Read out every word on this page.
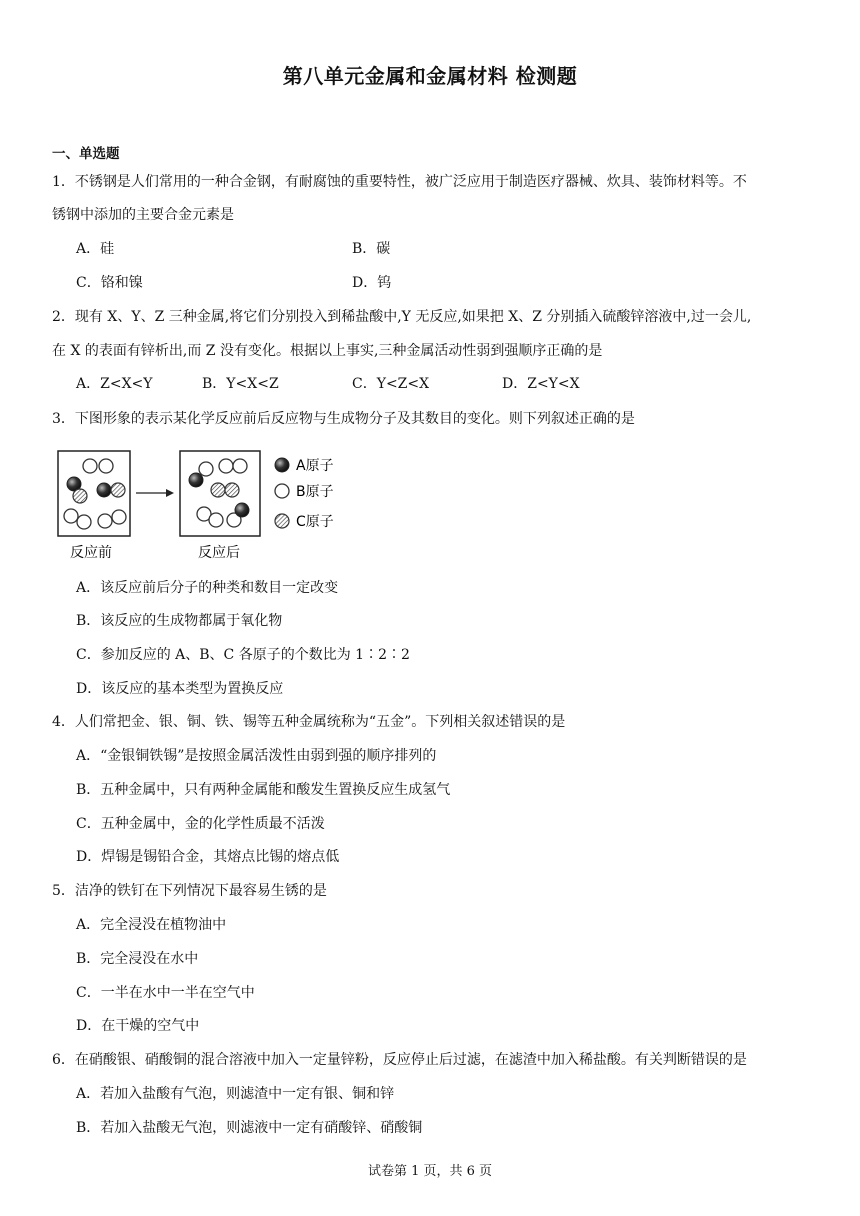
第八单元金属和金属材料 检测题
一、单选题
1．不锈钢是人们常用的一种合金钢，有耐腐蚀的重要特性，被广泛应用于制造医疗器械、炊具、装饰材料等。不
锈钢中添加的主要合金元素是
A．硅	B．碳
C．铬和镍	D．钨
2．现有 X、Y、Z 三种金属,将它们分别投入到稀盐酸中,Y 无反应,如果把 X、Z 分别插入硫酸锌溶液中,过一会儿,
在 X 的表面有锌析出,而 Z 没有变化。根据以上事实,三种金属活动性弱到强顺序正确的是
A．Z<X<Y	B．Y<X<Z	C．Y<Z<X	D．Z<Y<X
3．下图形象的表示某化学反应前后反应物与生成物分子及其数目的变化。则下列叙述正确的是
A原子
B原子
C原子
反应前	反应后
A．该反应前后分子的种类和数目一定改变
B．该反应的生成物都属于氧化物
C．参加反应的 A、B、C 各原子的个数比为 1∶2∶2
D．该反应的基本类型为置换反应
4．人们常把金、银、铜、铁、锡等五种金属统称为“五金”。下列相关叙述错误的是
A．“金银铜铁锡”是按照金属活泼性由弱到强的顺序排列的
B．五种金属中，只有两种金属能和酸发生置换反应生成氢气
C．五种金属中，金的化学性质最不活泼
D．焊锡是锡铅合金，其熔点比锡的熔点低
5．洁净的铁钉在下列情况下最容易生锈的是
A．完全浸没在植物油中
B．完全浸没在水中
C．一半在水中一半在空气中
D．在干燥的空气中
6．在硝酸银、硝酸铜的混合溶液中加入一定量锌粉，反应停止后过滤，在滤渣中加入稀盐酸。有关判断错误的是
A．若加入盐酸有气泡，则滤渣中一定有银、铜和锌
B．若加入盐酸无气泡，则滤液中一定有硝酸锌、硝酸铜
试卷第 1 页，共 6 页
